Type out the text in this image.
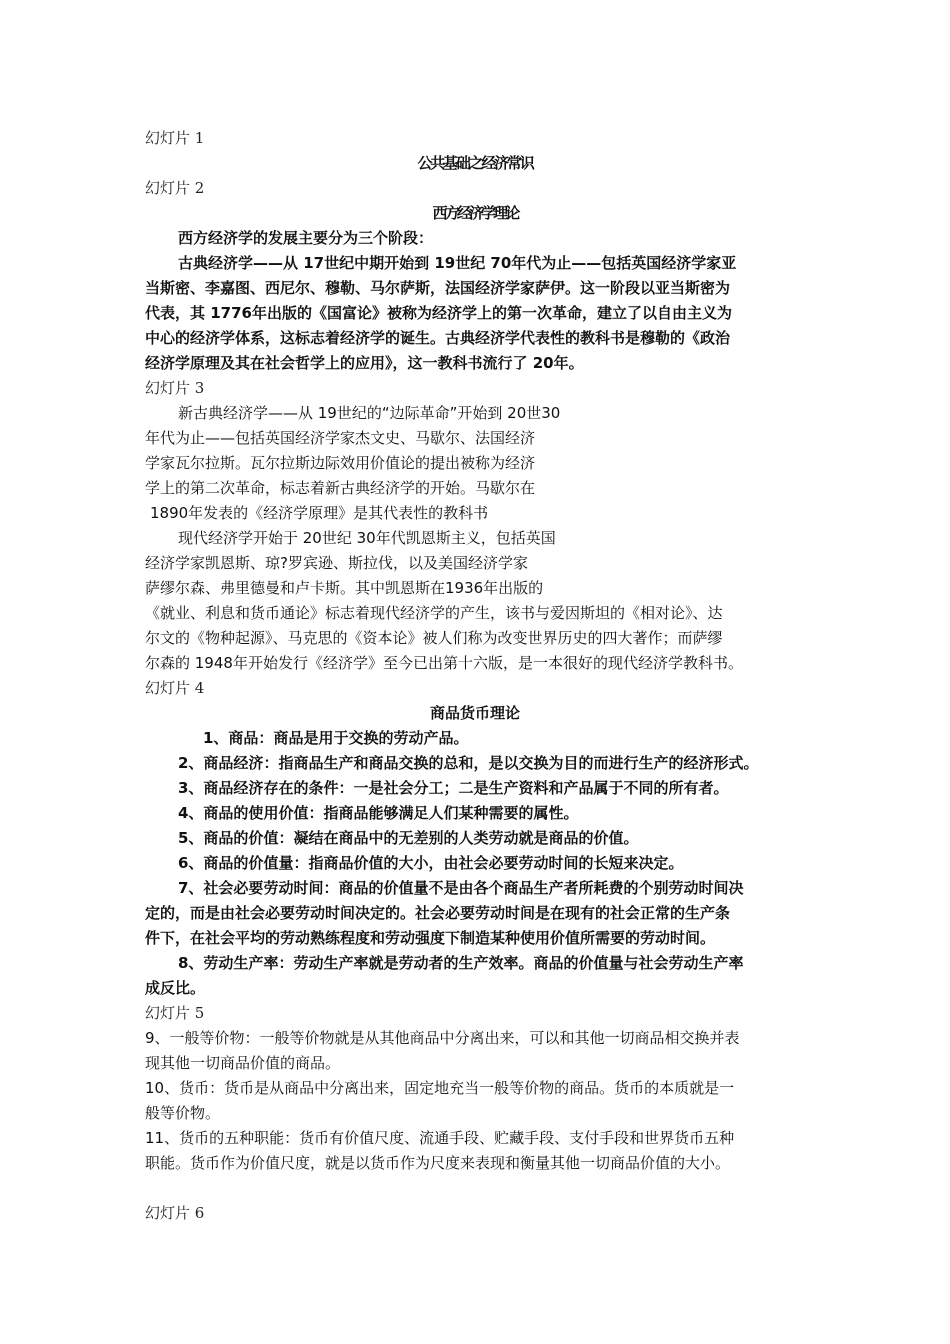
幻灯片 1
公共基础之经济常识
幻灯片 2
西方经济学理论
西方经济学的发展主要分为三个阶段：
古典经济学——从 17世纪中期开始到 19世纪 70年代为止——包括英国经济学家亚
当斯密、李嘉图、西尼尔、穆勒、马尔萨斯，法国经济学家萨伊。这一阶段以亚当斯密为
代表，其 1776年出版的《国富论》被称为经济学上的第一次革命，建立了以自由主义为
中心的经济学体系，这标志着经济学的诞生。古典经济学代表性的教科书是穆勒的《政治
经济学原理及其在社会哲学上的应用》，这一教科书流行了 20年。
幻灯片 3
新古典经济学——从 19世纪的“边际革命”开始到 20世30
年代为止——包括英国经济学家杰文史、马歇尔、法国经济
学家瓦尔拉斯。瓦尔拉斯边际效用价值论的提出被称为经济
学上的第二次革命，标志着新古典经济学的开始。马歇尔在
1890年发表的《经济学原理》是其代表性的教科书
现代经济学开始于 20世纪 30年代凯恩斯主义，包括英国
经济学家凯恩斯、琼?罗宾逊、斯拉伐，以及美国经济学家
萨缪尔森、弗里德曼和卢卡斯。其中凯恩斯在1936年出版的
《就业、利息和货币通论》标志着现代经济学的产生，该书与爱因斯坦的《相对论》、达
尔文的《物种起源》、马克思的《资本论》被人们称为改变世界历史的四大著作；而萨缪
尔森的 1948年开始发行《经济学》至今已出第十六版，是一本很好的现代经济学教科书。
幻灯片 4
商品货币理论
1、商品：商品是用于交换的劳动产品。
2、商品经济：指商品生产和商品交换的总和，是以交换为目的而进行生产的经济形式。
3、商品经济存在的条件：一是社会分工；二是生产资料和产品属于不同的所有者。
4、商品的使用价值：指商品能够满足人们某种需要的属性。
5、商品的价值：凝结在商品中的无差别的人类劳动就是商品的价值。
6、商品的价值量：指商品价值的大小，由社会必要劳动时间的长短来决定。
7、社会必要劳动时间：商品的价值量不是由各个商品生产者所耗费的个别劳动时间决
定的，而是由社会必要劳动时间决定的。社会必要劳动时间是在现有的社会正常的生产条
件下，在社会平均的劳动熟练程度和劳动强度下制造某种使用价值所需要的劳动时间。
8、劳动生产率：劳动生产率就是劳动者的生产效率。商品的价值量与社会劳动生产率
成反比。
幻灯片 5
9、一般等价物：一般等价物就是从其他商品中分离出来，可以和其他一切商品相交换并表
现其他一切商品价值的商品。
10、货币：货币是从商品中分离出来，固定地充当一般等价物的商品。货币的本质就是一
般等价物。
11、货币的五种职能：货币有价值尺度、流通手段、贮藏手段、支付手段和世界货币五种
职能。货币作为价值尺度，就是以货币作为尺度来表现和衡量其他一切商品价值的大小。
幻灯片 6
